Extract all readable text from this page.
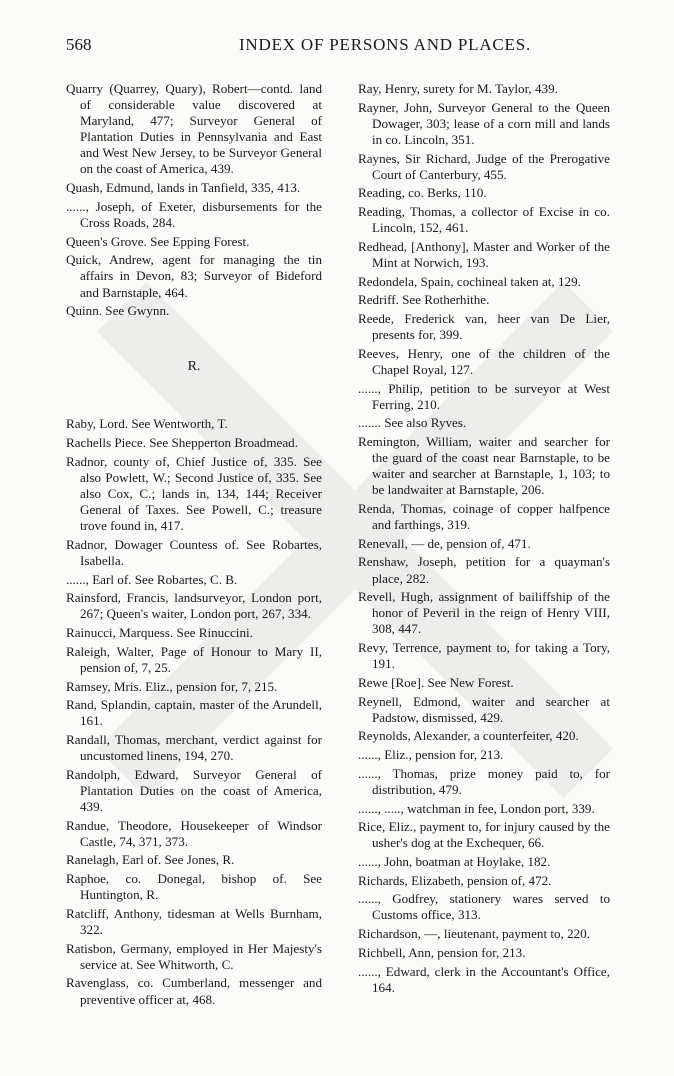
568	INDEX OF PERSONS AND PLACES.

Quarry (Quarrey, Quary), Robert—contd. land of considerable value discovered at Maryland, 477; Surveyor General of Plantation Duties in Pennsylvania and East and West New Jersey, to be Surveyor General on the coast of America, 439.

Quash, Edmund, lands in Tanfield, 335, 413.

......, Joseph, of Exeter, disbursements for the Cross Roads, 284.

Queen's Grove. See Epping Forest.

Quick, Andrew, agent for managing the tin affairs in Devon, 83; Surveyor of Bideford and Barnstaple, 464.

Quinn. See Gwynn.

R.

Raby, Lord. See Wentworth, T.

Rachells Piece. See Shepperton Broadmead.

Radnor, county of, Chief Justice of, 335. See also Powlett, W.; Second Justice of, 335. See also Cox, C.; lands in, 134, 144; Receiver General of Taxes. See Powell, C.; treasure trove found in, 417.

Radnor, Dowager Countess of. See Robartes, Isabella.

......, Earl of. See Robartes, C. B.

Rainsford, Francis, landsurveyor, London port, 267; Queen's waiter, London port, 267, 334.

Rainucci, Marquess. See Rinuccini.

Raleigh, Walter, Page of Honour to Mary II, pension of, 7, 25.

Ramsey, Mris. Eliz., pension for, 7, 215.

Rand, Splandin, captain, master of the Arundell, 161.

Randall, Thomas, merchant, verdict against for uncustomed linens, 194, 270.

Randolph, Edward, Surveyor General of Plantation Duties on the coast of America, 439.

Randue, Theodore, Housekeeper of Windsor Castle, 74, 371, 373.

Ranelagh, Earl of. See Jones, R.

Raphoe, co. Donegal, bishop of. See Huntington, R.

Ratcliff, Anthony, tidesman at Wells Burnham, 322.

Ratisbon, Germany, employed in Her Majesty's service at. See Whitworth, C.

Ravenglass, co. Cumberland, messenger and preventive officer at, 468.

Ray, Henry, surety for M. Taylor, 439.

Rayner, John, Surveyor General to the Queen Dowager, 303; lease of a corn mill and lands in co. Lincoln, 351.

Raynes, Sir Richard, Judge of the Prerogative Court of Canterbury, 455.

Reading, co. Berks, 110.

Reading, Thomas, a collector of Excise in co. Lincoln, 152, 461.

Redhead, [Anthony], Master and Worker of the Mint at Norwich, 193.

Redondela, Spain, cochineal taken at, 129.

Redriff. See Rotherhithe.

Reede, Frederick van, heer van De Lier, presents for, 399.

Reeves, Henry, one of the children of the Chapel Royal, 127.

......, Philip, petition to be surveyor at West Ferring, 210.

....... See also Ryves.

Remington, William, waiter and searcher for the guard of the coast near Barnstaple, to be waiter and searcher at Barnstaple, 1, 103; to be landwaiter at Barnstaple, 206.

Renda, Thomas, coinage of copper halfpence and farthings, 319.

Renevall, — de, pension of, 471.

Renshaw, Joseph, petition for a quayman's place, 282.

Revell, Hugh, assignment of bailiffship of the honor of Peveril in the reign of Henry VIII, 308, 447.

Revy, Terrence, payment to, for taking a Tory, 191.

Rewe [Roe]. See New Forest.

Reynell, Edmond, waiter and searcher at Padstow, dismissed, 429.

Reynolds, Alexander, a counterfeiter, 420.

......, Eliz., pension for, 213.

......, Thomas, prize money paid to, for distribution, 479.

......, ....., watchman in fee, London port, 339.

Rice, Eliz., payment to, for injury caused by the usher's dog at the Exchequer, 66.

......, John, boatman at Hoylake, 182.

Richards, Elizabeth, pension of, 472.

......, Godfrey, stationery wares served to Customs office, 313.

Richardson, —, lieutenant, payment to, 220.

Richbell, Ann, pension for, 213.

......, Edward, clerk in the Accountant's Office, 164.
